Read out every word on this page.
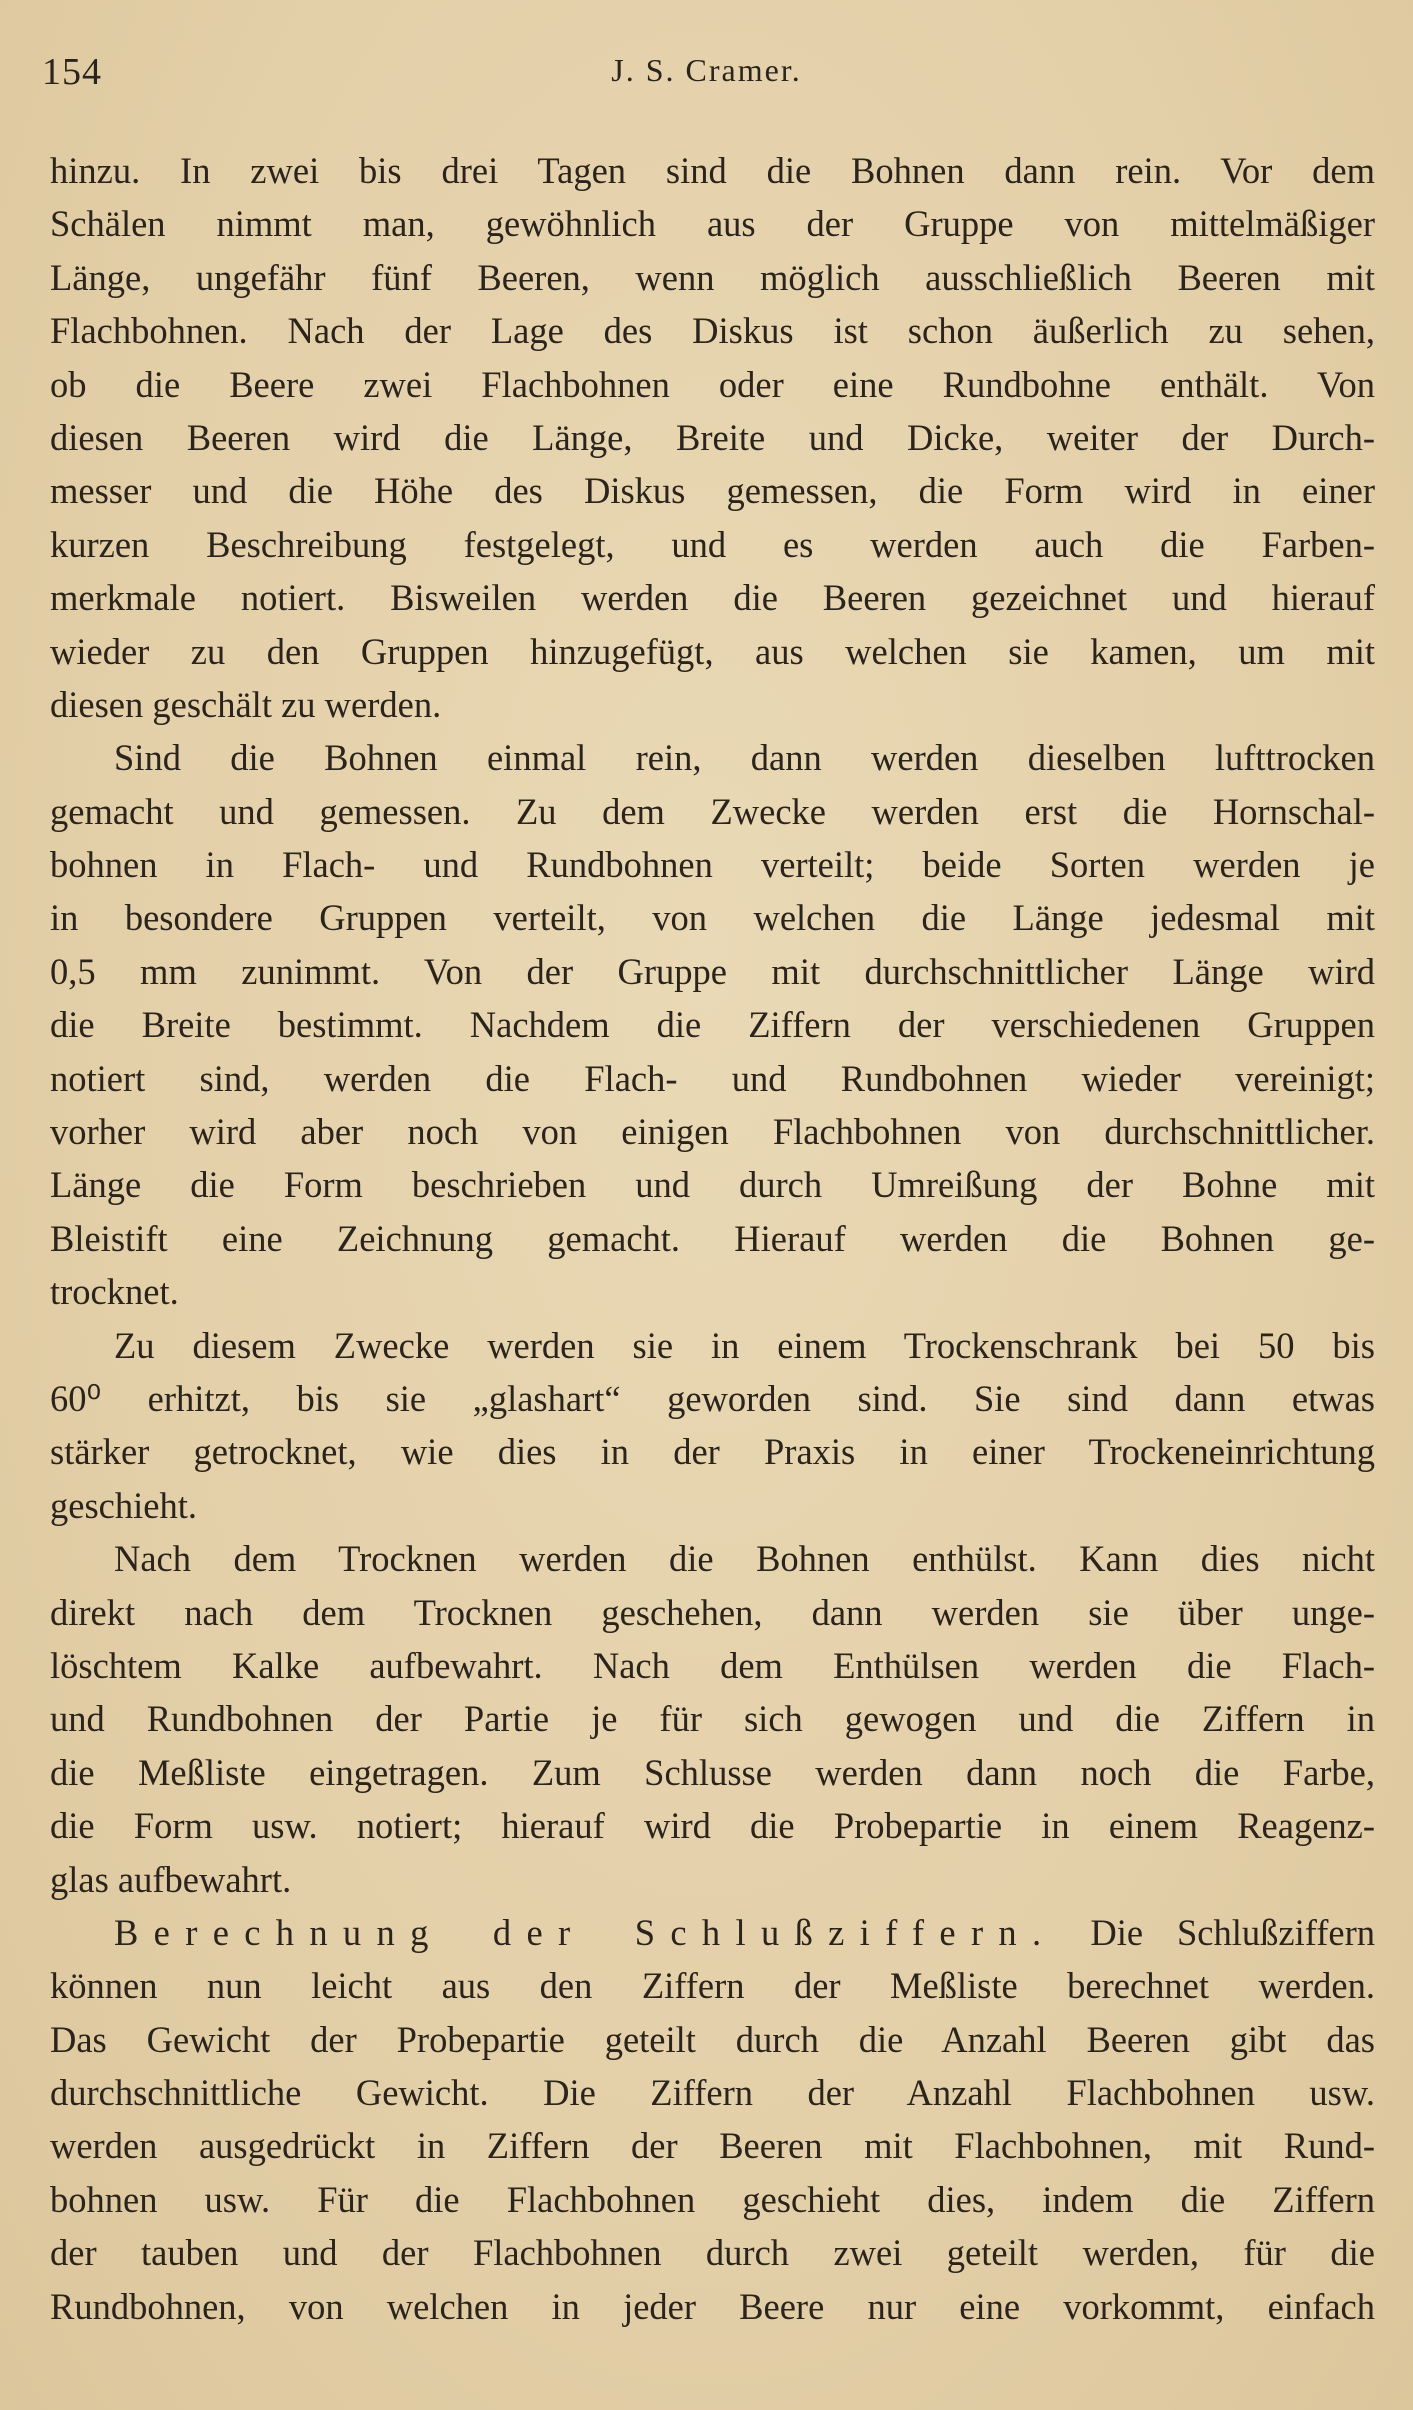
154	J. S. Cramer.
hinzu. In zwei bis drei Tagen sind die Bohnen dann rein. Vor dem
Schälen nimmt man, gewöhnlich aus der Gruppe von mittelmäßiger
Länge, ungefähr fünf Beeren, wenn möglich ausschließlich Beeren mit
Flachbohnen. Nach der Lage des Diskus ist schon äußerlich zu sehen,
ob die Beere zwei Flachbohnen oder eine Rundbohne enthält. Von
diesen Beeren wird die Länge, Breite und Dicke, weiter der Durch-
messer und die Höhe des Diskus gemessen, die Form wird in einer
kurzen Beschreibung festgelegt, und es werden auch die Farben-
merkmale notiert. Bisweilen werden die Beeren gezeichnet und hierauf
wieder zu den Gruppen hinzugefügt, aus welchen sie kamen, um mit
diesen geschält zu werden.
Sind die Bohnen einmal rein, dann werden dieselben lufttrocken
gemacht und gemessen. Zu dem Zwecke werden erst die Hornschal-
bohnen in Flach- und Rundbohnen verteilt; beide Sorten werden je
in besondere Gruppen verteilt, von welchen die Länge jedesmal mit
0,5 mm zunimmt. Von der Gruppe mit durchschnittlicher Länge wird
die Breite bestimmt. Nachdem die Ziffern der verschiedenen Gruppen
notiert sind, werden die Flach- und Rundbohnen wieder vereinigt;
vorher wird aber noch von einigen Flachbohnen von durchschnittlicher.
Länge die Form beschrieben und durch Umreißung der Bohne mit
Bleistift eine Zeichnung gemacht. Hierauf werden die Bohnen ge-
trocknet.
Zu diesem Zwecke werden sie in einem Trockenschrank bei 50 bis
60⁰ erhitzt, bis sie „glashart“ geworden sind. Sie sind dann etwas
stärker getrocknet, wie dies in der Praxis in einer Trockeneinrichtung
geschieht.
Nach dem Trocknen werden die Bohnen enthülst. Kann dies nicht
direkt nach dem Trocknen geschehen, dann werden sie über unge-
löschtem Kalke aufbewahrt. Nach dem Enthülsen werden die Flach-
und Rundbohnen der Partie je für sich gewogen und die Ziffern in
die Meßliste eingetragen. Zum Schlusse werden dann noch die Farbe,
die Form usw. notiert; hierauf wird die Probepartie in einem Reagenz-
glas aufbewahrt.
Berechnung der Schlußziffern. Die Schlußziffern
können nun leicht aus den Ziffern der Meßliste berechnet werden.
Das Gewicht der Probepartie geteilt durch die Anzahl Beeren gibt das
durchschnittliche Gewicht. Die Ziffern der Anzahl Flachbohnen usw.
werden ausgedrückt in Ziffern der Beeren mit Flachbohnen, mit Rund-
bohnen usw. Für die Flachbohnen geschieht dies, indem die Ziffern
der tauben und der Flachbohnen durch zwei geteilt werden, für die
Rundbohnen, von welchen in jeder Beere nur eine vorkommt, einfach
